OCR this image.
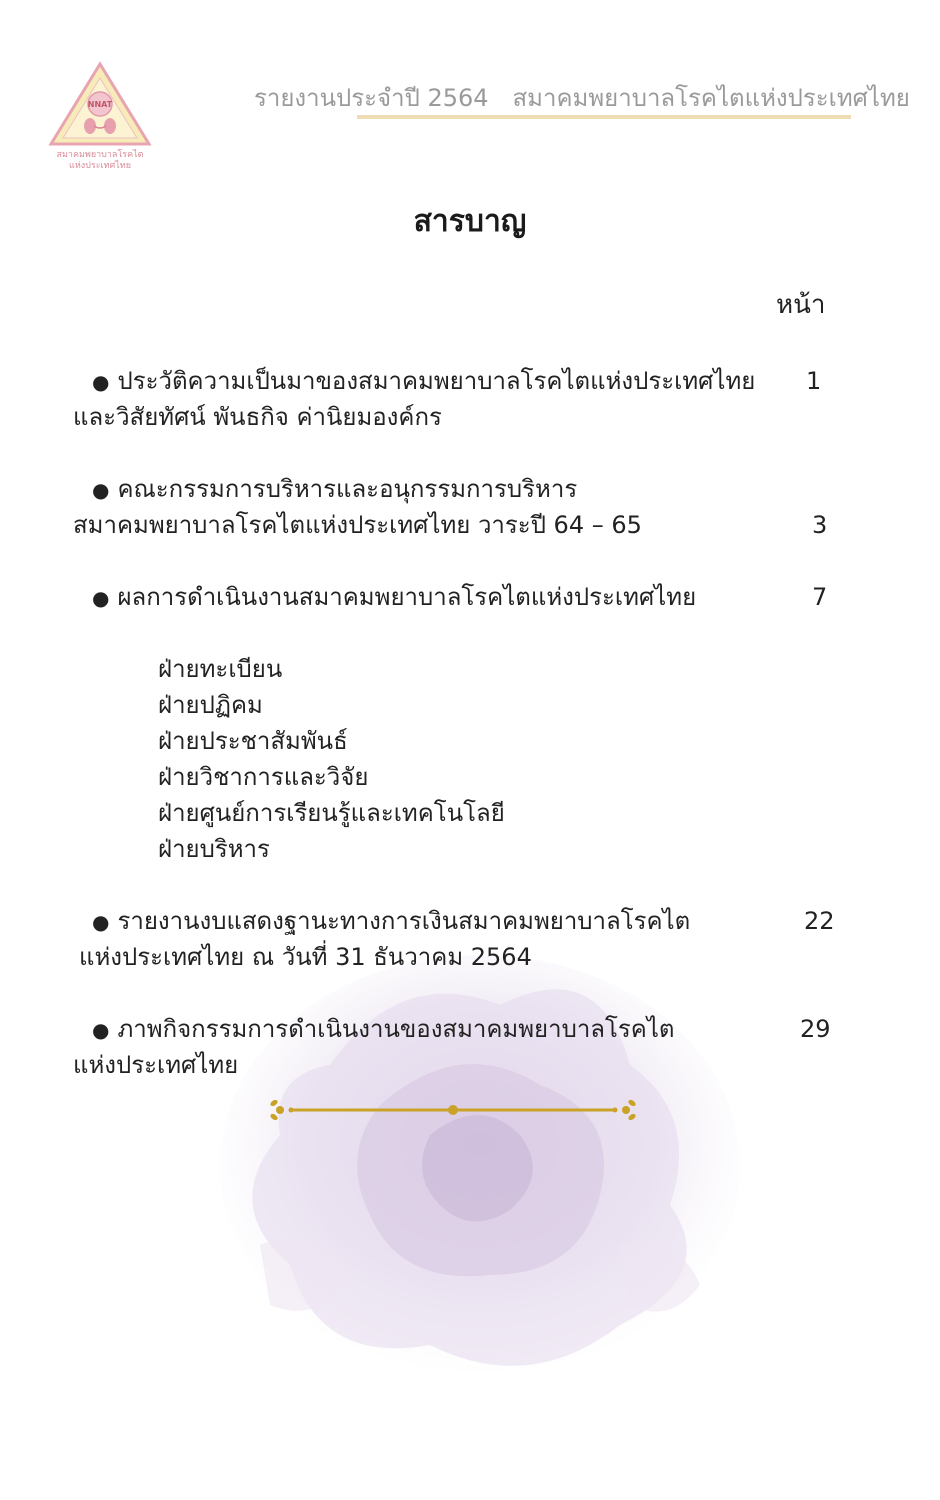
NNAT
สมาคมพยาบาลโรคไต
แห่งประเทศไทย
รายงานประจำปี 2564 สมาคมพยาบาลโรคไตแห่งประเทศไทย
สารบาญ
หน้า
● ประวัติความเป็นมาของสมาคมพยาบาลโรคไตแห่งประเทศไทย
และวิสัยทัศน์ พันธกิจ ค่านิยมองค์กร
1
● คณะกรรมการบริหารและอนุกรรมการบริหาร
สมาคมพยาบาลโรคไตแห่งประเทศไทย วาระปี 64 – 65	3
● ผลการดำเนินงานสมาคมพยาบาลโรคไตแห่งประเทศไทย	7
ฝ่ายทะเบียน
ฝ่ายปฏิคม
ฝ่ายประชาสัมพันธ์
ฝ่ายวิชาการและวิจัย
ฝ่ายศูนย์การเรียนรู้และเทคโนโลยี
ฝ่ายบริหาร
● รายงานงบแสดงฐานะทางการเงินสมาคมพยาบาลโรคไต
แห่งประเทศไทย ณ วันที่ 31 ธันวาคม 2564
22
● ภาพกิจกรรมการดำเนินงานของสมาคมพยาบาลโรคไต
แห่งประเทศไทย
29
